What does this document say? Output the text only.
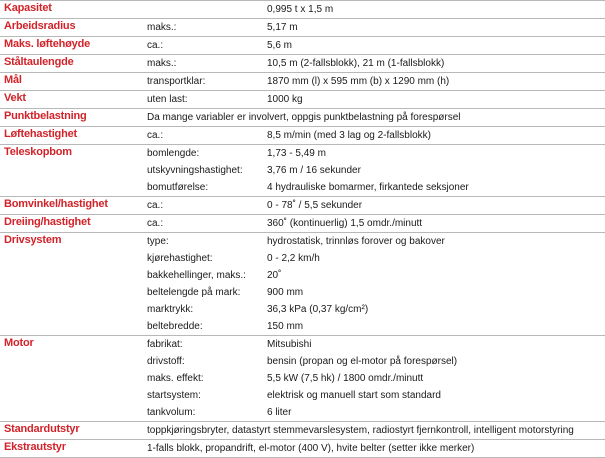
Kapasitet	0,995 t x 1,5 m
Arbeidsradius	maks.:	5,17 m
Maks. løftehøyde	ca.:	5,6 m
Ståltaulengde	maks.:	10,5 m (2-fallsblokk), 21 m (1-fallsblokk)
Mål	transportklar:	1870 mm (l) x 595 mm (b) x 1290 mm (h)
Vekt	uten last:	1000 kg
Punktbelastning	Da mange variabler er involvert, oppgis punktbelastning på forespørsel
Løftehastighet	ca.:	8,5 m/min (med 3 lag og 2-fallsblokk)
Teleskopbom	bomlengde:	1,73 - 5,49 m
utskyvningshastighet: 3,76 m / 16 sekunder
bomutførelse:	4 hydrauliske bomarmer, firkantede seksjoner
Bomvinkel/hastighet	ca.:	0 - 78˚ / 5,5 sekunder
Dreiing/hastighet	ca.:	360˚ (kontinuerlig) 1,5 omdr./minutt
Drivsystem	type:	hydrostatisk, trinnløs forover og bakover
kjørehastighet:	0 - 2,2 km/h
bakkehellinger, maks.: 20˚
beltelengde på mark:	900 mm
marktrykk:	36,3 kPa (0,37 kg/cm²)
beltebredde:	150 mm
Motor	fabrikat:	Mitsubishi
drivstoff:	bensin (propan og el-motor på forespørsel)
maks. effekt:	5,5 kW (7,5 hk) / 1800 omdr./minutt
startsystem:	elektrisk og manuell start som standard
tankvolum:	6 liter
Standardutstyr	toppkjøringsbryter, datastyrt stemmevarslesystem, radiostyrt fjernkontroll, intelligent motorstyring
Ekstrautstyr	1-falls blokk, propandrift, el-motor (400 V), hvite belter (setter ikke merker)
